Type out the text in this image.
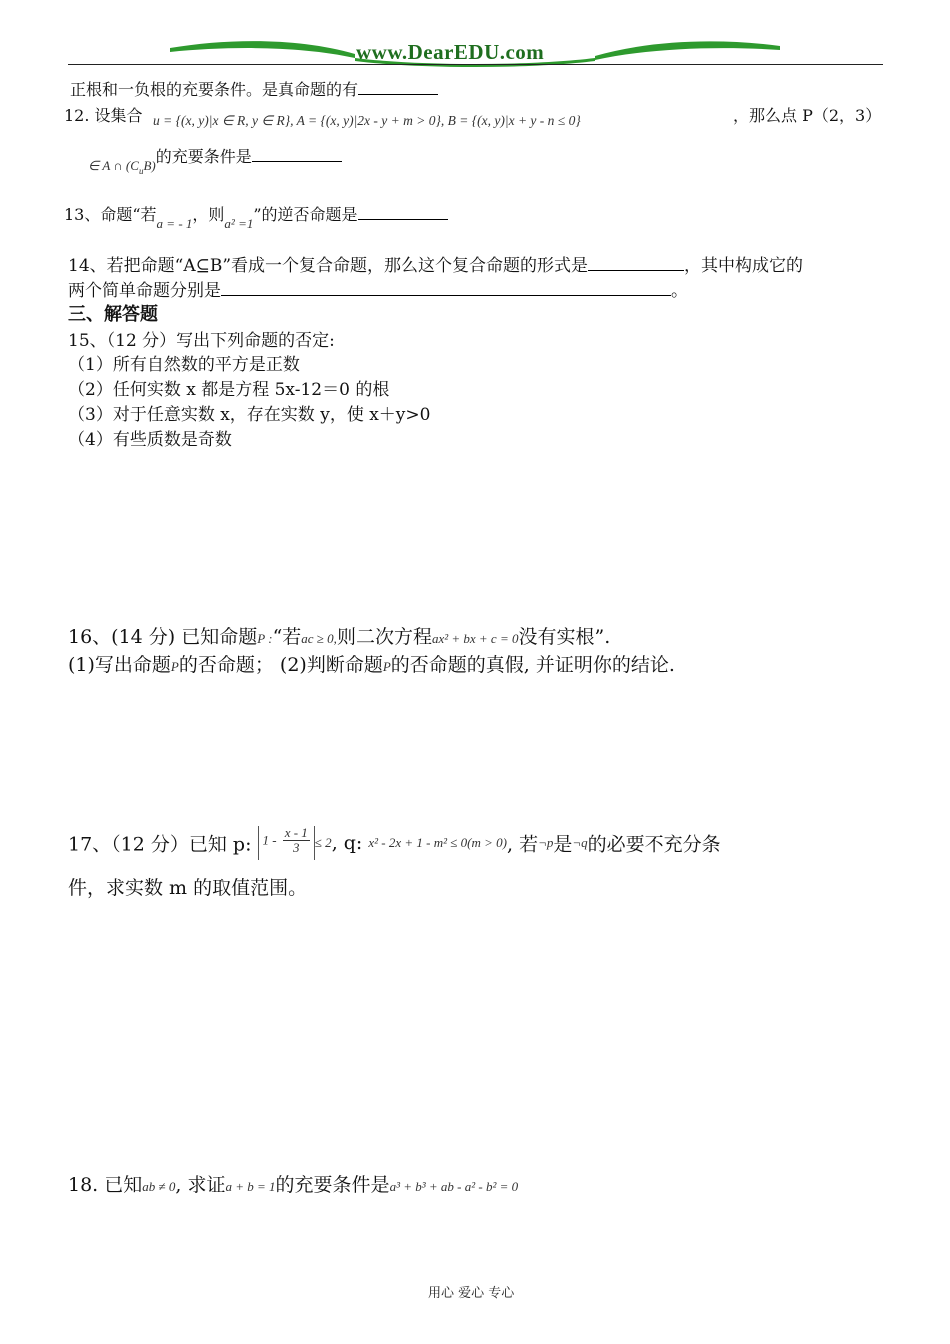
www.DearEDU.com
正根和一负根的充要条件。是真命题的有
12. 设集合 u = {(x, y)|x ∈ R, y ∈ R}, A = {(x, y)|2x - y + m > 0}, B = {(x, y)|x + y - n ≤ 0}	，那么点 P（2，3）
∈ A ∩ $(C_uB)$的充要条件是
13、命题“若$_{a = - 1}$，则$_{a^2 =1}$”的逆否命题是
14、若把命题“A⊆B”看成一个复合命题，那么这个复合命题的形式是	，其中构成它的
两个简单命题分别是	。
三、解答题
15、（12 分）写出下列命题的否定:
（1）所有自然数的平方是正数
（2）任何实数 x 都是方程 5x-12＝0 的根
（3）对于任意实数 x，存在实数 y，使 x＋y>0
（4）有些质数是奇数
16、(14 分) 已知命题P :“若ac ≥ 0,则二次方程ax² + bx + c = 0没有实根”.
(1)写出命题P的否命题； (2)判断命题P的否命题的真假, 并证明你的结论.
17、（12 分）已知 p: $1 - \frac{x - 1}{3} \le 2$, q: x² - 2x + 1 - m² ≤ 0(m > 0), 若¬p是¬q的必要不充分条
件，求实数 m 的取值范围。
18. 已知ab ≠ 0, 求证a + b = 1的充要条件是a³ + b³ + ab - a² - b² = 0
用心 爱心 专心
